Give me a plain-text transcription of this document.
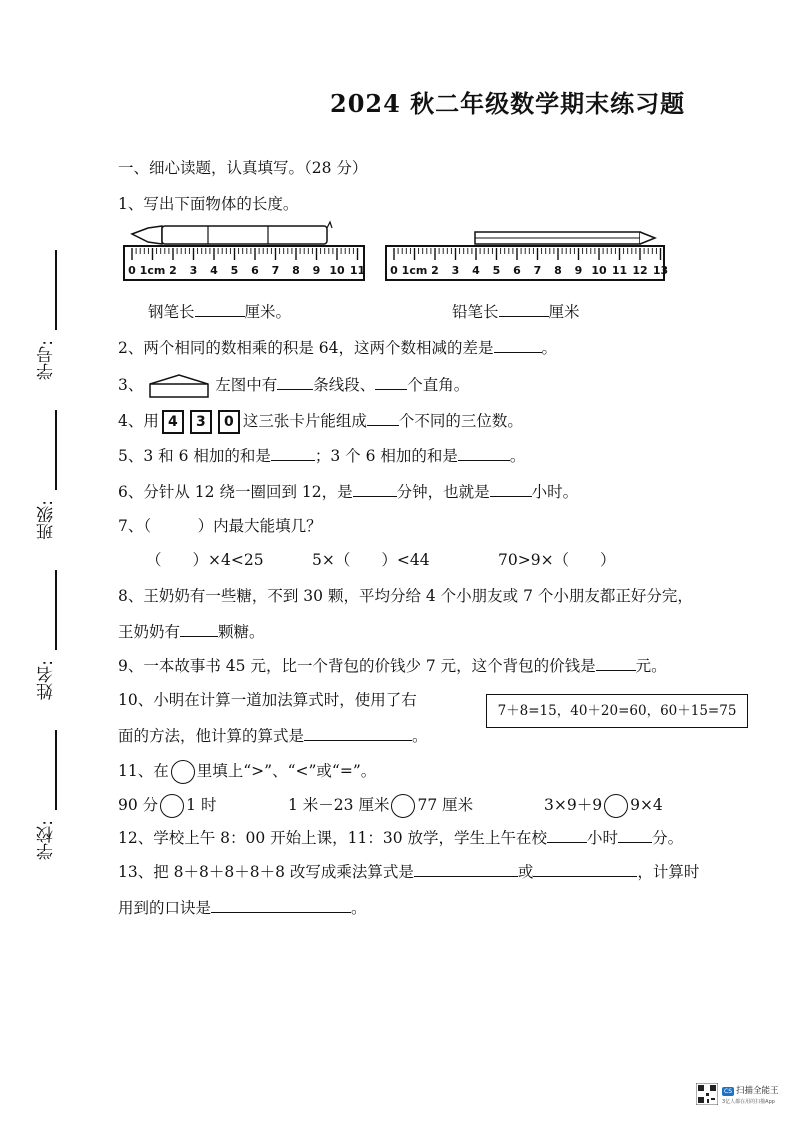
2024 秋二年级数学期末练习题
学号:
班级:
姓名:
学校:
一、细心读题，认真填写。（28 分）
1、写出下面物体的长度。
0 1cm 2 3 4 5 6 7 8 9 10 11 0 1cm 2 3 4 5 6 7 8 9 10 11 12 13
钢笔长	厘米。	铅笔长	厘米
2、两个相同的数相乘的积是 64，这两个数相减的差是	。
3、	左图中有 条线段、 个直角。
4、用 4 3 0 这三张卡片能组成 个不同的三位数。
5、3 和 6 相加的和是	；3 个 6 相加的和是	。
6、分针从 12 绕一圈回到 12，是	分钟，也就是	小时。
7、（　　　）内最大能填几？
（　　）×4<25	5×（　　）<44	70>9×（　　）
8、王奶奶有一些糖，不到 30 颗，平均分给 4 个小朋友或 7 个小朋友都正好分完，
王奶奶有 颗糖。
9、一本故事书 45 元，比一个背包的价钱少 7 元，这个背包的价钱是	元。
10、小明在计算一道加法算式时，使用了右
面的方法，他计算的算式是	。
7＋8=15，40＋20=60，60＋15=75
11、在 里填上“>”、“<”或“=”。
90 分 1 时	1 米－23 厘米 77 厘米	3×9＋9 9×4
12、学校上午 8：00 开始上课，11：30 放学，学生上午在校	小时 分。
13、把 8＋8＋8＋8＋8 改写成乘法算式是	或	，计算时
用到的口诀是	。
CS 扫描全能王
3亿人都在用的扫描App
